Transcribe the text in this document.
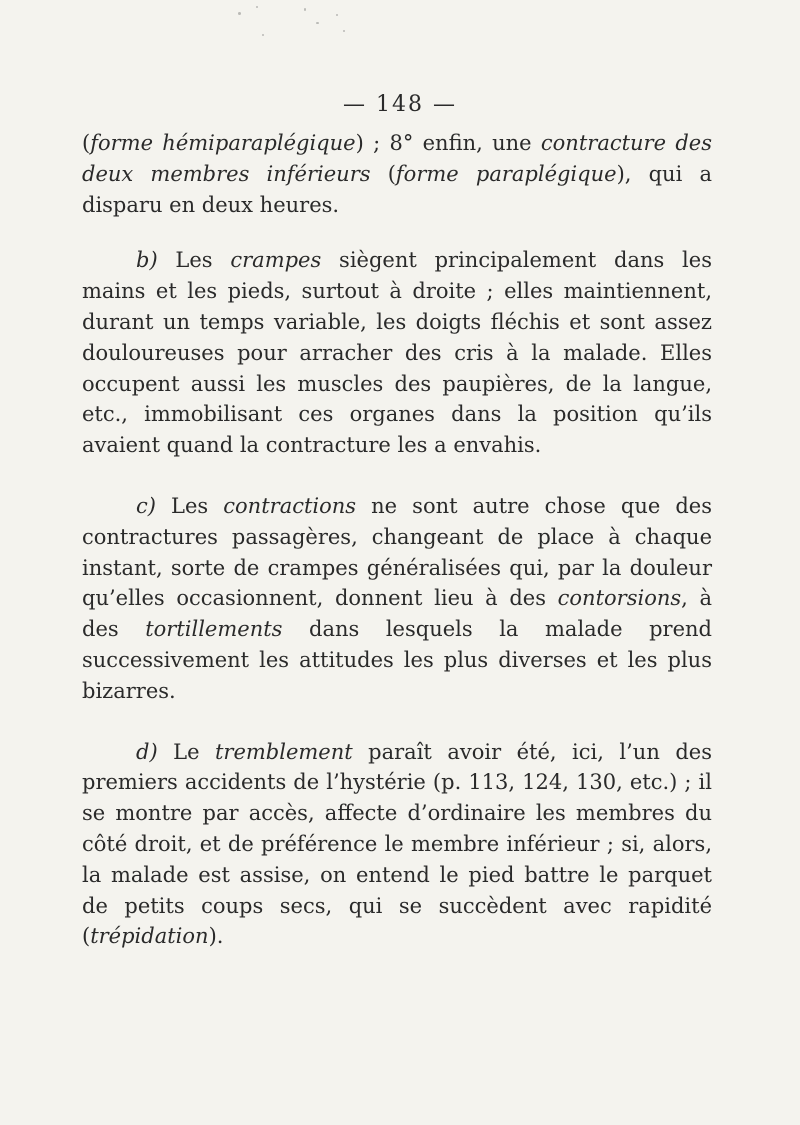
— 148 —

(forme hémiparaplégique) ; 8° enfin, une contracture des deux membres inférieurs (forme paraplégique), qui a disparu en deux heures.

b) Les crampes siègent principalement dans les mains et les pieds, surtout à droite ; elles maintiennent, durant un temps variable, les doigts fléchis et sont assez douloureuses pour arracher des cris à la malade. Elles occupent aussi les muscles des paupières, de la langue, etc., immobilisant ces organes dans la position qu’ils avaient quand la contracture les a envahis.

c) Les contractions ne sont autre chose que des contractures passagères, changeant de place à chaque instant, sorte de crampes généralisées qui, par la douleur qu’elles occasionnent, donnent lieu à des contorsions, à des tortillements dans lesquels la malade prend successivement les attitudes les plus diverses et les plus bizarres.

d) Le tremblement paraît avoir été, ici, l’un des premiers accidents de l’hystérie (p. 113, 124, 130, etc.) ; il se montre par accès, affecte d’ordinaire les membres du côté droit, et de préférence le membre inférieur ; si, alors, la malade est assise, on entend le pied battre le parquet de petits coups secs, qui se succèdent avec rapidité (trépidation).
